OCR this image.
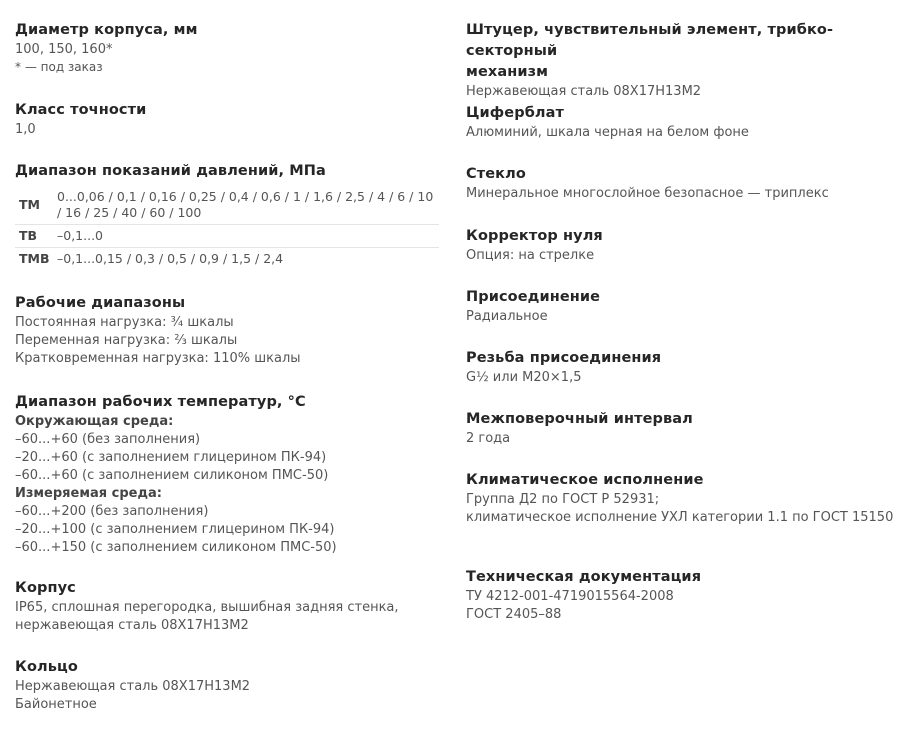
Диаметр корпуса, мм
100, 150, 160*
* — под заказ
Класс точности
1,0
Диапазон показаний давлений, МПа
ТМ	0...0,06 / 0,1 / 0,16 / 0,25 / 0,4 / 0,6 / 1 / 1,6 / 2,5 / 4 / 6 / 10 / 16 / 25 / 40 / 60 / 100
ТВ	–0,1...0
ТМВ	–0,1...0,15 / 0,3 / 0,5 / 0,9 / 1,5 / 2,4
Рабочие диапазоны
Постоянная нагрузка: ¾ шкалы
Переменная нагрузка: ⅔ шкалы
Кратковременная нагрузка: 110% шкалы
Диапазон рабочих температур, °С
Окружающая среда:
–60...+60 (без заполнения)
–20...+60 (с заполнением глицерином ПК-94)
–60...+60 (с заполнением силиконом ПМС-50)
Измеряемая среда:
–60...+200 (без заполнения)
–20...+100 (с заполнением глицерином ПК-94)
–60...+150 (с заполнением силиконом ПМС-50)
Корпус
IP65, сплошная перегородка, вышибная задняя стенка,
нержавеющая сталь 08Х17Н13М2
Кольцо
Нержавеющая сталь 08Х17Н13М2
Байонетное
Штуцер, чувствительный элемент, трибко-секторный
механизм
Нержавеющая сталь 08Х17Н13М2
Циферблат
Алюминий, шкала черная на белом фоне
Стекло
Минеральное многослойное безопасное — триплекс
Корректор нуля
Опция: на стрелке
Присоединение
Радиальное
Резьба присоединения
G½ или М20×1,5
Межповерочный интервал
2 года
Климатическое исполнение
Группа Д2 по ГОСТ Р 52931;
климатическое исполнение УХЛ категории 1.1 по ГОСТ 15150
Техническая документация
ТУ 4212-001-4719015564-2008
ГОСТ 2405–88
